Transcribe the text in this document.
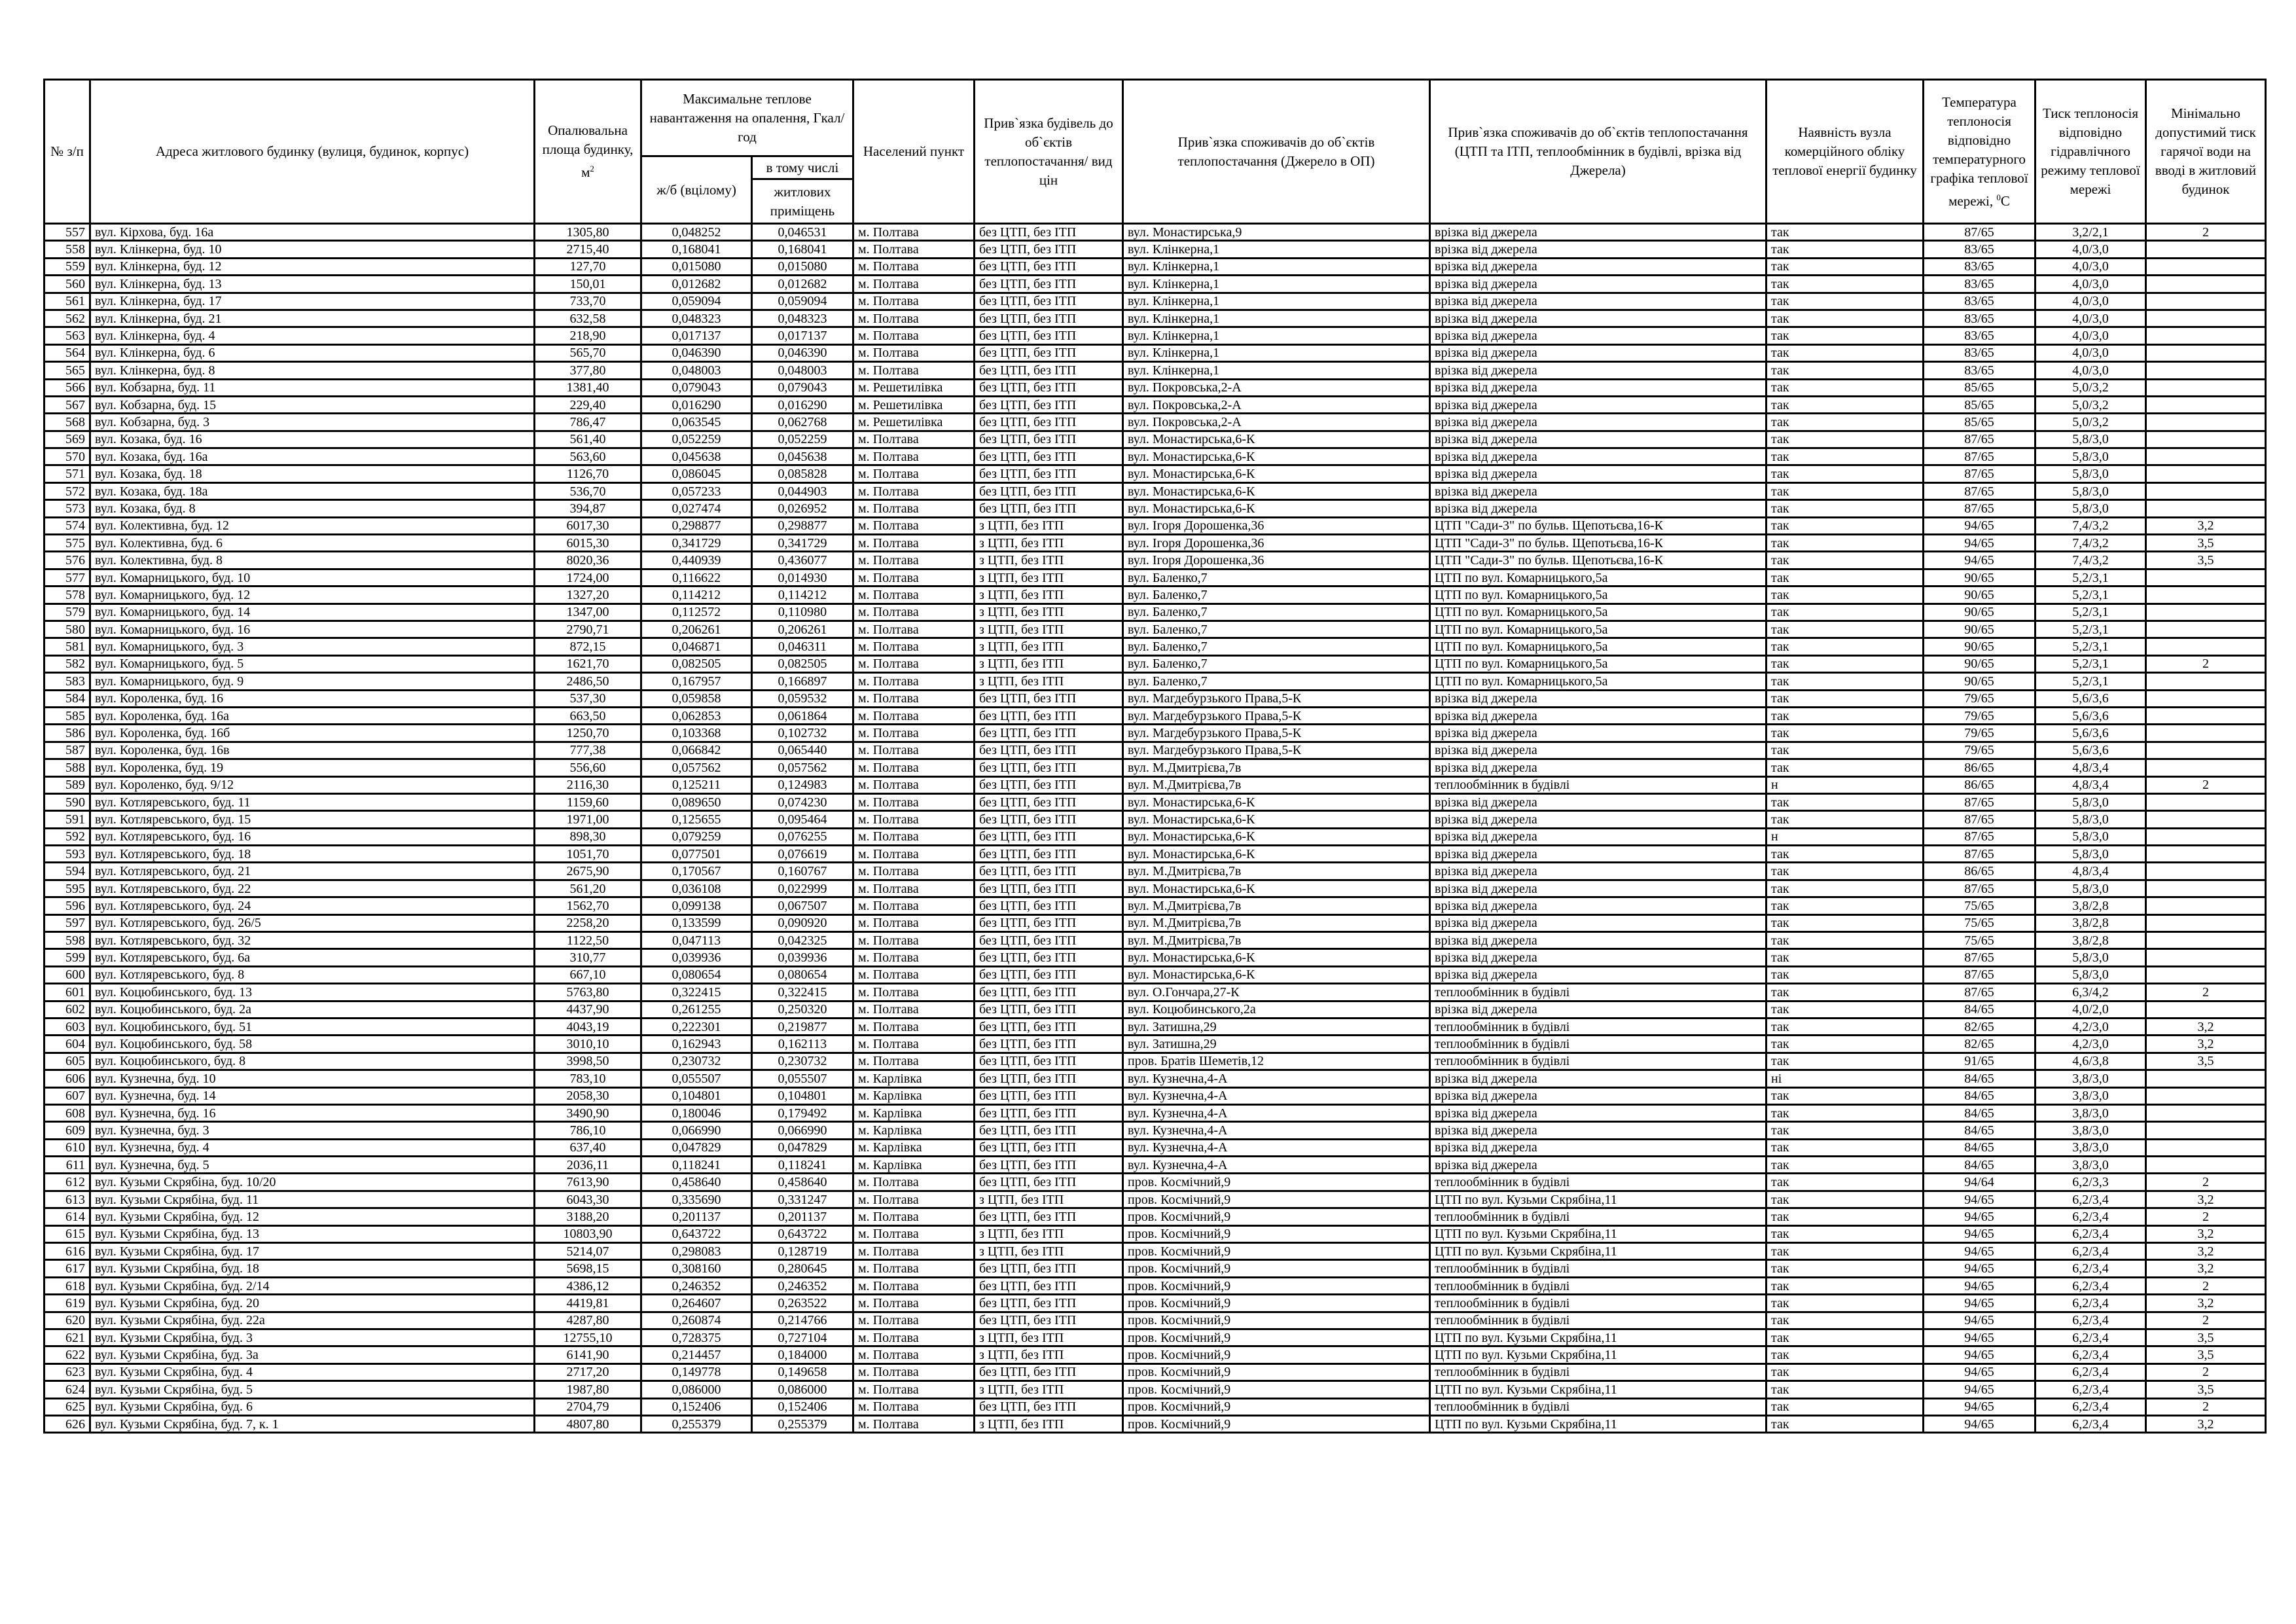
№ з/п	Адреса житлового будинку (вулиця, будинок, корпус)	Опалювальна площа будинку, $м^2$	Максимальне теплове навантаження на опалення, Гкал/год		Населений пункт	Прив`язка будівель до об`єктів теплопостачання/ вид цін	Прив`язка споживачів до об`єктів теплопостачання (Джерело в ОП)	Прив`язка споживачів до об`єктів теплопостачання (ЦТП та ІТП, теплообмінник в будівлі, врізка від Джерела)	Наявність вузла комерційного обліку теплової енергії будинку	Температура теплоносія відповідно температурного графіка теплової мережі, $^0$С	Тиск теплоносія відповідно гідравлічного режиму теплової мережі	Мінімально допустимий тиск гарячої води на вводі в житловий будинок
			ж/б (вцілому)	в тому числі								
				житлових приміщень								
557	вул. Кірхова, буд. 16а	1305,80	0,048252	0,046531	м. Полтава	без ЦТП, без ІТП	вул. Монастирська,9	врізка від джерела	так	87/65	3,2/2,1	2
558	вул. Клінкерна, буд. 10	2715,40	0,168041	0,168041	м. Полтава	без ЦТП, без ІТП	вул. Клінкерна,1	врізка від джерела	так	83/65	4,0/3,0	
559	вул. Клінкерна, буд. 12	127,70	0,015080	0,015080	м. Полтава	без ЦТП, без ІТП	вул. Клінкерна,1	врізка від джерела	так	83/65	4,0/3,0	
560	вул. Клінкерна, буд. 13	150,01	0,012682	0,012682	м. Полтава	без ЦТП, без ІТП	вул. Клінкерна,1	врізка від джерела	так	83/65	4,0/3,0	
561	вул. Клінкерна, буд. 17	733,70	0,059094	0,059094	м. Полтава	без ЦТП, без ІТП	вул. Клінкерна,1	врізка від джерела	так	83/65	4,0/3,0	
562	вул. Клінкерна, буд. 21	632,58	0,048323	0,048323	м. Полтава	без ЦТП, без ІТП	вул. Клінкерна,1	врізка від джерела	так	83/65	4,0/3,0	
563	вул. Клінкерна, буд. 4	218,90	0,017137	0,017137	м. Полтава	без ЦТП, без ІТП	вул. Клінкерна,1	врізка від джерела	так	83/65	4,0/3,0	
564	вул. Клінкерна, буд. 6	565,70	0,046390	0,046390	м. Полтава	без ЦТП, без ІТП	вул. Клінкерна,1	врізка від джерела	так	83/65	4,0/3,0	
565	вул. Клінкерна, буд. 8	377,80	0,048003	0,048003	м. Полтава	без ЦТП, без ІТП	вул. Клінкерна,1	врізка від джерела	так	83/65	4,0/3,0	
566	вул. Кобзарна, буд. 11	1381,40	0,079043	0,079043	м. Решетилівка	без ЦТП, без ІТП	вул. Покровська,2-А	врізка від джерела	так	85/65	5,0/3,2	
567	вул. Кобзарна, буд. 15	229,40	0,016290	0,016290	м. Решетилівка	без ЦТП, без ІТП	вул. Покровська,2-А	врізка від джерела	так	85/65	5,0/3,2	
568	вул. Кобзарна, буд. 3	786,47	0,063545	0,062768	м. Решетилівка	без ЦТП, без ІТП	вул. Покровська,2-А	врізка від джерела	так	85/65	5,0/3,2	
569	вул. Козака, буд. 16	561,40	0,052259	0,052259	м. Полтава	без ЦТП, без ІТП	вул. Монастирська,6-К	врізка від джерела	так	87/65	5,8/3,0	
570	вул. Козака, буд. 16а	563,60	0,045638	0,045638	м. Полтава	без ЦТП, без ІТП	вул. Монастирська,6-К	врізка від джерела	так	87/65	5,8/3,0	
571	вул. Козака, буд. 18	1126,70	0,086045	0,085828	м. Полтава	без ЦТП, без ІТП	вул. Монастирська,6-К	врізка від джерела	так	87/65	5,8/3,0	
572	вул. Козака, буд. 18а	536,70	0,057233	0,044903	м. Полтава	без ЦТП, без ІТП	вул. Монастирська,6-К	врізка від джерела	так	87/65	5,8/3,0	
573	вул. Козака, буд. 8	394,87	0,027474	0,026952	м. Полтава	без ЦТП, без ІТП	вул. Монастирська,6-К	врізка від джерела	так	87/65	5,8/3,0	
574	вул. Колективна, буд. 12	6017,30	0,298877	0,298877	м. Полтава	з ЦТП, без ІТП	вул. Ігоря Дорошенка,36	ЦТП "Сади-3" по бульв. Щепотьєва,16-К	так	94/65	7,4/3,2	3,2
575	вул. Колективна, буд. 6	6015,30	0,341729	0,341729	м. Полтава	з ЦТП, без ІТП	вул. Ігоря Дорошенка,36	ЦТП "Сади-3" по бульв. Щепотьєва,16-К	так	94/65	7,4/3,2	3,5
576	вул. Колективна, буд. 8	8020,36	0,440939	0,436077	м. Полтава	з ЦТП, без ІТП	вул. Ігоря Дорошенка,36	ЦТП "Сади-3" по бульв. Щепотьєва,16-К	так	94/65	7,4/3,2	3,5
577	вул. Комарницького, буд. 10	1724,00	0,116622	0,014930	м. Полтава	з ЦТП, без ІТП	вул. Баленко,7	ЦТП по вул. Комарницького,5а	так	90/65	5,2/3,1	
578	вул. Комарницького, буд. 12	1327,20	0,114212	0,114212	м. Полтава	з ЦТП, без ІТП	вул. Баленко,7	ЦТП по вул. Комарницького,5а	так	90/65	5,2/3,1	
579	вул. Комарницького, буд. 14	1347,00	0,112572	0,110980	м. Полтава	з ЦТП, без ІТП	вул. Баленко,7	ЦТП по вул. Комарницького,5а	так	90/65	5,2/3,1	
580	вул. Комарницького, буд. 16	2790,71	0,206261	0,206261	м. Полтава	з ЦТП, без ІТП	вул. Баленко,7	ЦТП по вул. Комарницького,5а	так	90/65	5,2/3,1	
581	вул. Комарницького, буд. 3	872,15	0,046871	0,046311	м. Полтава	з ЦТП, без ІТП	вул. Баленко,7	ЦТП по вул. Комарницького,5а	так	90/65	5,2/3,1	
582	вул. Комарницького, буд. 5	1621,70	0,082505	0,082505	м. Полтава	з ЦТП, без ІТП	вул. Баленко,7	ЦТП по вул. Комарницького,5а	так	90/65	5,2/3,1	2
583	вул. Комарницького, буд. 9	2486,50	0,167957	0,166897	м. Полтава	з ЦТП, без ІТП	вул. Баленко,7	ЦТП по вул. Комарницького,5а	так	90/65	5,2/3,1	
584	вул. Короленка, буд. 16	537,30	0,059858	0,059532	м. Полтава	без ЦТП, без ІТП	вул. Магдебурзького Права,5-К	врізка від джерела	так	79/65	5,6/3,6	
585	вул. Короленка, буд. 16а	663,50	0,062853	0,061864	м. Полтава	без ЦТП, без ІТП	вул. Магдебурзького Права,5-К	врізка від джерела	так	79/65	5,6/3,6	
586	вул. Короленка, буд. 16б	1250,70	0,103368	0,102732	м. Полтава	без ЦТП, без ІТП	вул. Магдебурзького Права,5-К	врізка від джерела	так	79/65	5,6/3,6	
587	вул. Короленка, буд. 16в	777,38	0,066842	0,065440	м. Полтава	без ЦТП, без ІТП	вул. Магдебурзького Права,5-К	врізка від джерела	так	79/65	5,6/3,6	
588	вул. Короленка, буд. 19	556,60	0,057562	0,057562	м. Полтава	без ЦТП, без ІТП	вул. М.Дмитрієва,7в	врізка від джерела	так	86/65	4,8/3,4	
589	вул. Короленко, буд. 9/12	2116,30	0,125211	0,124983	м. Полтава	без ЦТП, без ІТП	вул. М.Дмитрієва,7в	теплообмінник в будівлі	н	86/65	4,8/3,4	2
590	вул. Котляревського, буд. 11	1159,60	0,089650	0,074230	м. Полтава	без ЦТП, без ІТП	вул. Монастирська,6-К	врізка від джерела	так	87/65	5,8/3,0	
591	вул. Котляревського, буд. 15	1971,00	0,125655	0,095464	м. Полтава	без ЦТП, без ІТП	вул. Монастирська,6-К	врізка від джерела	так	87/65	5,8/3,0	
592	вул. Котляревського, буд. 16	898,30	0,079259	0,076255	м. Полтава	без ЦТП, без ІТП	вул. Монастирська,6-К	врізка від джерела	н	87/65	5,8/3,0	
593	вул. Котляревського, буд. 18	1051,70	0,077501	0,076619	м. Полтава	без ЦТП, без ІТП	вул. Монастирська,6-К	врізка від джерела	так	87/65	5,8/3,0	
594	вул. Котляревського, буд. 21	2675,90	0,170567	0,160767	м. Полтава	без ЦТП, без ІТП	вул. М.Дмитрієва,7в	врізка від джерела	так	86/65	4,8/3,4	
595	вул. Котляревського, буд. 22	561,20	0,036108	0,022999	м. Полтава	без ЦТП, без ІТП	вул. Монастирська,6-К	врізка від джерела	так	87/65	5,8/3,0	
596	вул. Котляревського, буд. 24	1562,70	0,099138	0,067507	м. Полтава	без ЦТП, без ІТП	вул. М.Дмитрієва,7в	врізка від джерела	так	75/65	3,8/2,8	
597	вул. Котляревського, буд. 26/5	2258,20	0,133599	0,090920	м. Полтава	без ЦТП, без ІТП	вул. М.Дмитрієва,7в	врізка від джерела	так	75/65	3,8/2,8	
598	вул. Котляревського, буд. 32	1122,50	0,047113	0,042325	м. Полтава	без ЦТП, без ІТП	вул. М.Дмитрієва,7в	врізка від джерела	так	75/65	3,8/2,8	
599	вул. Котляревського, буд. 6а	310,77	0,039936	0,039936	м. Полтава	без ЦТП, без ІТП	вул. Монастирська,6-К	врізка від джерела	так	87/65	5,8/3,0	
600	вул. Котляревського, буд. 8	667,10	0,080654	0,080654	м. Полтава	без ЦТП, без ІТП	вул. Монастирська,6-К	врізка від джерела	так	87/65	5,8/3,0	
601	вул. Коцюбинського, буд. 13	5763,80	0,322415	0,322415	м. Полтава	без ЦТП, без ІТП	вул. О.Гончара,27-К	теплообмінник в будівлі	так	87/65	6,3/4,2	2
602	вул. Коцюбинського, буд. 2а	4437,90	0,261255	0,250320	м. Полтава	без ЦТП, без ІТП	вул. Коцюбинського,2а	врізка від джерела	так	84/65	4,0/2,0	
603	вул. Коцюбинського, буд. 51	4043,19	0,222301	0,219877	м. Полтава	без ЦТП, без ІТП	вул. Затишна,29	теплообмінник в будівлі	так	82/65	4,2/3,0	3,2
604	вул. Коцюбинського, буд. 58	3010,10	0,162943	0,162113	м. Полтава	без ЦТП, без ІТП	вул. Затишна,29	теплообмінник в будівлі	так	82/65	4,2/3,0	3,2
605	вул. Коцюбинського, буд. 8	3998,50	0,230732	0,230732	м. Полтава	без ЦТП, без ІТП	пров. Братів Шеметів,12	теплообмінник в будівлі	так	91/65	4,6/3,8	3,5
606	вул. Кузнечна, буд. 10	783,10	0,055507	0,055507	м. Карлівка	без ЦТП, без ІТП	вул. Кузнечна,4-А	врізка від джерела	ні	84/65	3,8/3,0	
607	вул. Кузнечна, буд. 14	2058,30	0,104801	0,104801	м. Карлівка	без ЦТП, без ІТП	вул. Кузнечна,4-А	врізка від джерела	так	84/65	3,8/3,0	
608	вул. Кузнечна, буд. 16	3490,90	0,180046	0,179492	м. Карлівка	без ЦТП, без ІТП	вул. Кузнечна,4-А	врізка від джерела	так	84/65	3,8/3,0	
609	вул. Кузнечна, буд. 3	786,10	0,066990	0,066990	м. Карлівка	без ЦТП, без ІТП	вул. Кузнечна,4-А	врізка від джерела	так	84/65	3,8/3,0	
610	вул. Кузнечна, буд. 4	637,40	0,047829	0,047829	м. Карлівка	без ЦТП, без ІТП	вул. Кузнечна,4-А	врізка від джерела	так	84/65	3,8/3,0	
611	вул. Кузнечна, буд. 5	2036,11	0,118241	0,118241	м. Карлівка	без ЦТП, без ІТП	вул. Кузнечна,4-А	врізка від джерела	так	84/65	3,8/3,0	
612	вул. Кузьми Скрябіна, буд. 10/20	7613,90	0,458640	0,458640	м. Полтава	без ЦТП, без ІТП	пров. Космічний,9	теплообмінник в будівлі	так	94/64	6,2/3,3	2
613	вул. Кузьми Скрябіна, буд. 11	6043,30	0,335690	0,331247	м. Полтава	з ЦТП, без ІТП	пров. Космічний,9	ЦТП по вул. Кузьми Скрябіна,11	так	94/65	6,2/3,4	3,2
614	вул. Кузьми Скрябіна, буд. 12	3188,20	0,201137	0,201137	м. Полтава	без ЦТП, без ІТП	пров. Космічний,9	теплообмінник в будівлі	так	94/65	6,2/3,4	2
615	вул. Кузьми Скрябіна, буд. 13	10803,90	0,643722	0,643722	м. Полтава	з ЦТП, без ІТП	пров. Космічний,9	ЦТП по вул. Кузьми Скрябіна,11	так	94/65	6,2/3,4	3,2
616	вул. Кузьми Скрябіна, буд. 17	5214,07	0,298083	0,128719	м. Полтава	з ЦТП, без ІТП	пров. Космічний,9	ЦТП по вул. Кузьми Скрябіна,11	так	94/65	6,2/3,4	3,2
617	вул. Кузьми Скрябіна, буд. 18	5698,15	0,308160	0,280645	м. Полтава	без ЦТП, без ІТП	пров. Космічний,9	теплообмінник в будівлі	так	94/65	6,2/3,4	3,2
618	вул. Кузьми Скрябіна, буд. 2/14	4386,12	0,246352	0,246352	м. Полтава	без ЦТП, без ІТП	пров. Космічний,9	теплообмінник в будівлі	так	94/65	6,2/3,4	2
619	вул. Кузьми Скрябіна, буд. 20	4419,81	0,264607	0,263522	м. Полтава	без ЦТП, без ІТП	пров. Космічний,9	теплообмінник в будівлі	так	94/65	6,2/3,4	3,2
620	вул. Кузьми Скрябіна, буд. 22а	4287,80	0,260874	0,214766	м. Полтава	без ЦТП, без ІТП	пров. Космічний,9	теплообмінник в будівлі	так	94/65	6,2/3,4	2
621	вул. Кузьми Скрябіна, буд. 3	12755,10	0,728375	0,727104	м. Полтава	з ЦТП, без ІТП	пров. Космічний,9	ЦТП по вул. Кузьми Скрябіна,11	так	94/65	6,2/3,4	3,5
622	вул. Кузьми Скрябіна, буд. 3а	6141,90	0,214457	0,184000	м. Полтава	з ЦТП, без ІТП	пров. Космічний,9	ЦТП по вул. Кузьми Скрябіна,11	так	94/65	6,2/3,4	3,5
623	вул. Кузьми Скрябіна, буд. 4	2717,20	0,149778	0,149658	м. Полтава	без ЦТП, без ІТП	пров. Космічний,9	теплообмінник в будівлі	так	94/65	6,2/3,4	2
624	вул. Кузьми Скрябіна, буд. 5	1987,80	0,086000	0,086000	м. Полтава	з ЦТП, без ІТП	пров. Космічний,9	ЦТП по вул. Кузьми Скрябіна,11	так	94/65	6,2/3,4	3,5
625	вул. Кузьми Скрябіна, буд. 6	2704,79	0,152406	0,152406	м. Полтава	без ЦТП, без ІТП	пров. Космічний,9	теплообмінник в будівлі	так	94/65	6,2/3,4	2
626	вул. Кузьми Скрябіна, буд. 7, к. 1	4807,80	0,255379	0,255379	м. Полтава	з ЦТП, без ІТП	пров. Космічний,9	ЦТП по вул. Кузьми Скрябіна,11	так	94/65	6,2/3,4	3,2
